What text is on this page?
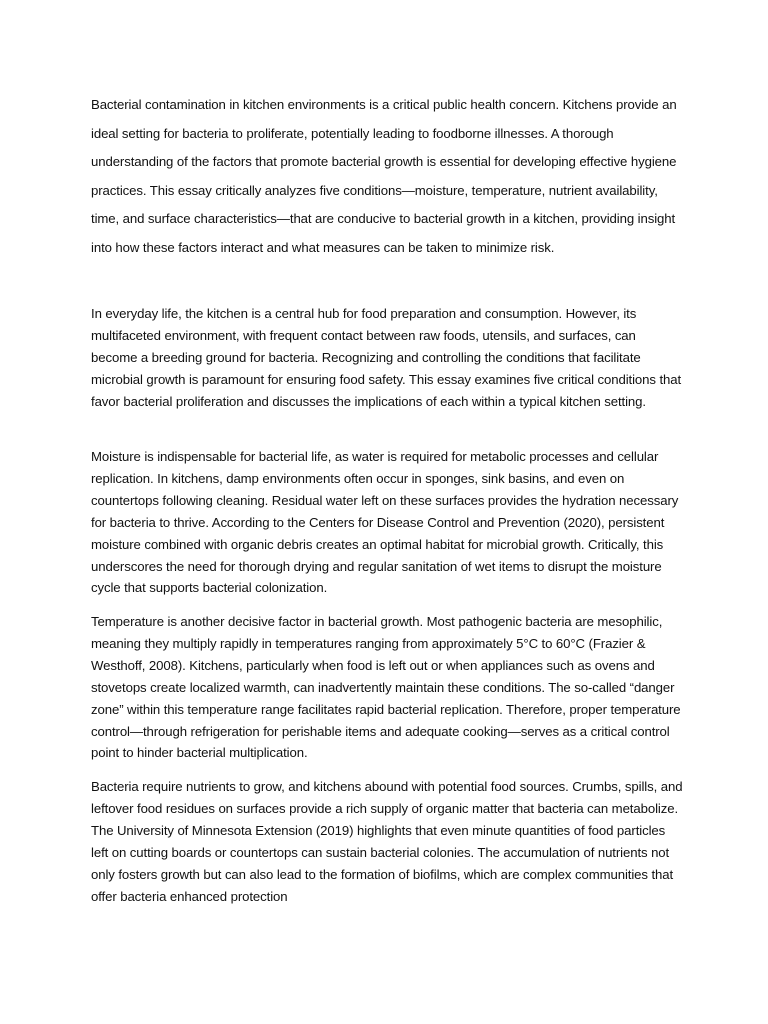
Bacterial contamination in kitchen environments is a critical public health concern. Kitchens provide an ideal setting for bacteria to proliferate, potentially leading to foodborne illnesses. A thorough understanding of the factors that promote bacterial growth is essential for developing effective hygiene practices. This essay critically analyzes five conditions—moisture, temperature, nutrient availability, time, and surface characteristics—that are conducive to bacterial growth in a kitchen, providing insight into how these factors interact and what measures can be taken to minimize risk.

In everyday life, the kitchen is a central hub for food preparation and consumption. However, its multifaceted environment, with frequent contact between raw foods, utensils, and surfaces, can become a breeding ground for bacteria. Recognizing and controlling the conditions that facilitate microbial growth is paramount for ensuring food safety. This essay examines five critical conditions that favor bacterial proliferation and discusses the implications of each within a typical kitchen setting.

Moisture is indispensable for bacterial life, as water is required for metabolic processes and cellular replication. In kitchens, damp environments often occur in sponges, sink basins, and even on countertops following cleaning. Residual water left on these surfaces provides the hydration necessary for bacteria to thrive. According to the Centers for Disease Control and Prevention (2020), persistent moisture combined with organic debris creates an optimal habitat for microbial growth. Critically, this underscores the need for thorough drying and regular sanitation of wet items to disrupt the moisture cycle that supports bacterial colonization.

Temperature is another decisive factor in bacterial growth. Most pathogenic bacteria are mesophilic, meaning they multiply rapidly in temperatures ranging from approximately 5°C to 60°C (Frazier & Westhoff, 2008). Kitchens, particularly when food is left out or when appliances such as ovens and stovetops create localized warmth, can inadvertently maintain these conditions. The so-called “danger zone” within this temperature range facilitates rapid bacterial replication. Therefore, proper temperature control—through refrigeration for perishable items and adequate cooking—serves as a critical control point to hinder bacterial multiplication.

Bacteria require nutrients to grow, and kitchens abound with potential food sources. Crumbs, spills, and leftover food residues on surfaces provide a rich supply of organic matter that bacteria can metabolize. The University of Minnesota Extension (2019) highlights that even minute quantities of food particles left on cutting boards or countertops can sustain bacterial colonies. The accumulation of nutrients not only fosters growth but can also lead to the formation of biofilms, which are complex communities that offer bacteria enhanced protection
